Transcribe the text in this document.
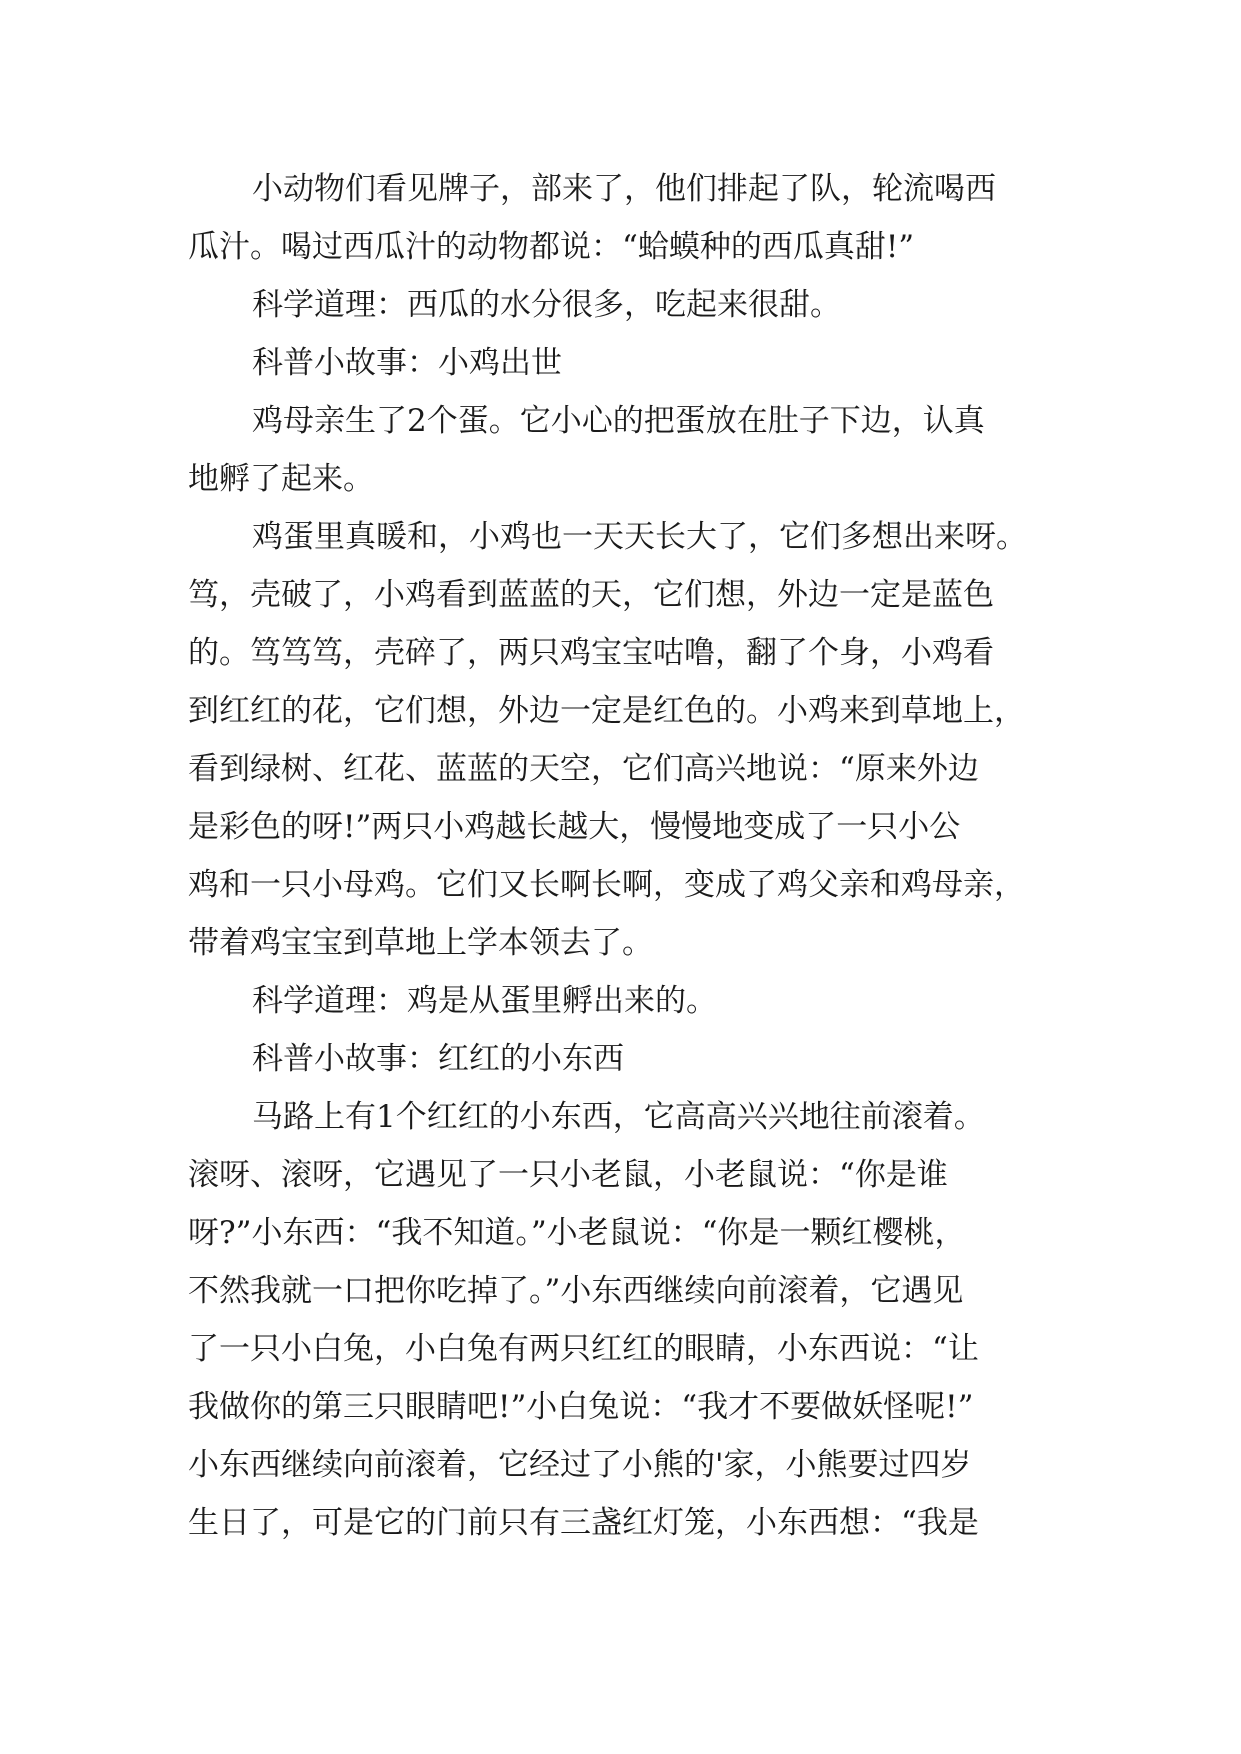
小动物们看见牌子，部来了，他们排起了队，轮流喝西
瓜汁。喝过西瓜汁的动物都说：“蛤蟆种的西瓜真甜!”
科学道理：西瓜的水分很多，吃起来很甜。
科普小故事：小鸡出世
鸡母亲生了2个蛋。它小心的把蛋放在肚子下边，认真
地孵了起来。
鸡蛋里真暖和，小鸡也一天天长大了，它们多想出来呀。
笃，壳破了，小鸡看到蓝蓝的天，它们想，外边一定是蓝色
的。笃笃笃，壳碎了，两只鸡宝宝咕噜，翻了个身，小鸡看
到红红的花，它们想，外边一定是红色的。小鸡来到草地上，
看到绿树、红花、蓝蓝的天空，它们高兴地说：“原来外边
是彩色的呀!”两只小鸡越长越大，慢慢地变成了一只小公
鸡和一只小母鸡。它们又长啊长啊，变成了鸡父亲和鸡母亲，
带着鸡宝宝到草地上学本领去了。
科学道理：鸡是从蛋里孵出来的。
科普小故事：红红的小东西
马路上有1个红红的小东西，它高高兴兴地往前滚着。
滚呀、滚呀，它遇见了一只小老鼠，小老鼠说：“你是谁
呀?”小东西：“我不知道。”小老鼠说：“你是一颗红樱桃，
不然我就一口把你吃掉了。”小东西继续向前滚着，它遇见
了一只小白兔，小白兔有两只红红的眼睛，小东西说：“让
我做你的第三只眼睛吧!”小白兔说：“我才不要做妖怪呢!”
小东西继续向前滚着，它经过了小熊的'家，小熊要过四岁
生日了，可是它的门前只有三盏红灯笼，小东西想：“我是
